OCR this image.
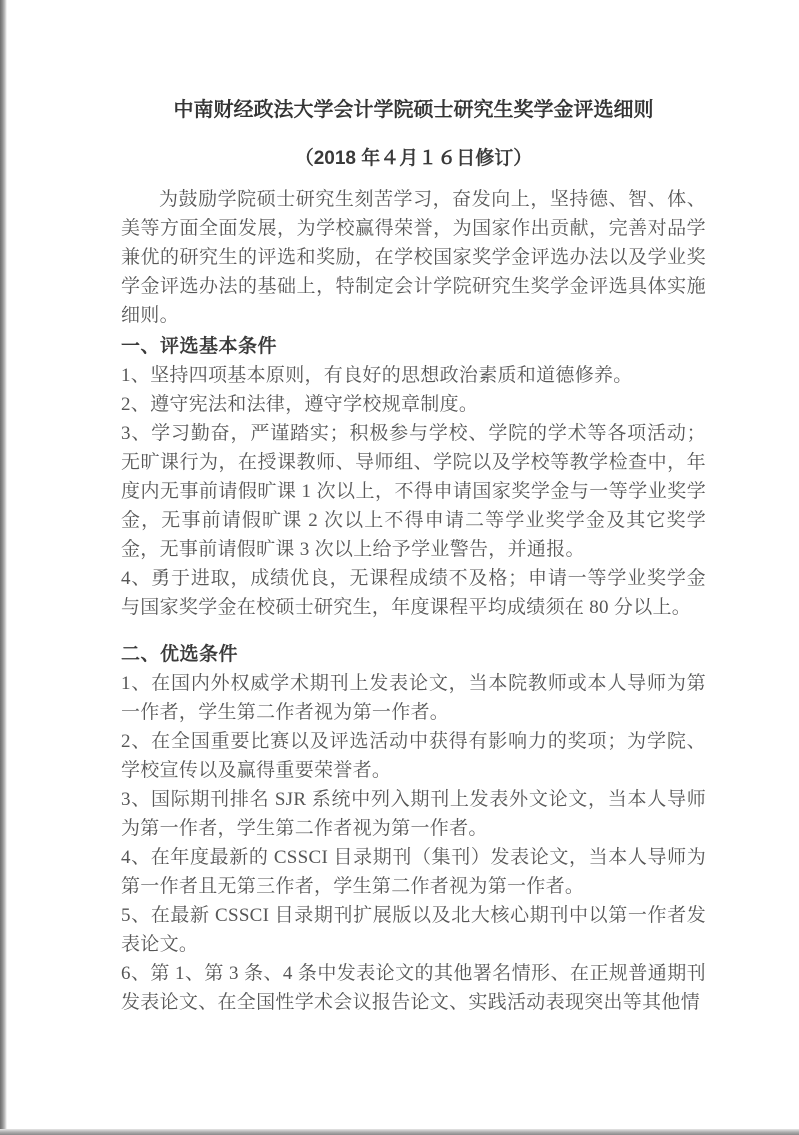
中南财经政法大学会计学院硕士研究生奖学金评选细则
（2018 年４月１６日修订）

为鼓励学院硕士研究生刻苦学习，奋发向上，坚持德、智、体、美等方面全面发展，为学校赢得荣誉，为国家作出贡献，完善对品学兼优的研究生的评选和奖励，在学校国家奖学金评选办法以及学业奖学金评选办法的基础上，特制定会计学院研究生奖学金评选具体实施细则。

一、评选基本条件

1、坚持四项基本原则，有良好的思想政治素质和道德修养。

2、遵守宪法和法律，遵守学校规章制度。

3、学习勤奋，严谨踏实；积极参与学校、学院的学术等各项活动；无旷课行为，在授课教师、导师组、学院以及学校等教学检查中，年度内无事前请假旷课 1 次以上，不得申请国家奖学金与一等学业奖学金，无事前请假旷课 2 次以上不得申请二等学业奖学金及其它奖学金，无事前请假旷课 3 次以上给予学业警告，并通报。

4、勇于进取，成绩优良，无课程成绩不及格；申请一等学业奖学金与国家奖学金在校硕士研究生，年度课程平均成绩须在 80 分以上。

二、优选条件

1、在国内外权威学术期刊上发表论文，当本院教师或本人导师为第一作者，学生第二作者视为第一作者。

2、在全国重要比赛以及评选活动中获得有影响力的奖项；为学院、学校宣传以及赢得重要荣誉者。

3、国际期刊排名 SJR 系统中列入期刊上发表外文论文，当本人导师为第一作者，学生第二作者视为第一作者。

4、在年度最新的 CSSCI 目录期刊（集刊）发表论文，当本人导师为第一作者且无第三作者，学生第二作者视为第一作者。

5、在最新 CSSCI 目录期刊扩展版以及北大核心期刊中以第一作者发表论文。

6、第 1、第 3 条、4 条中发表论文的其他署名情形、在正规普通期刊发表论文、在全国性学术会议报告论文、实践活动表现突出等其他情
